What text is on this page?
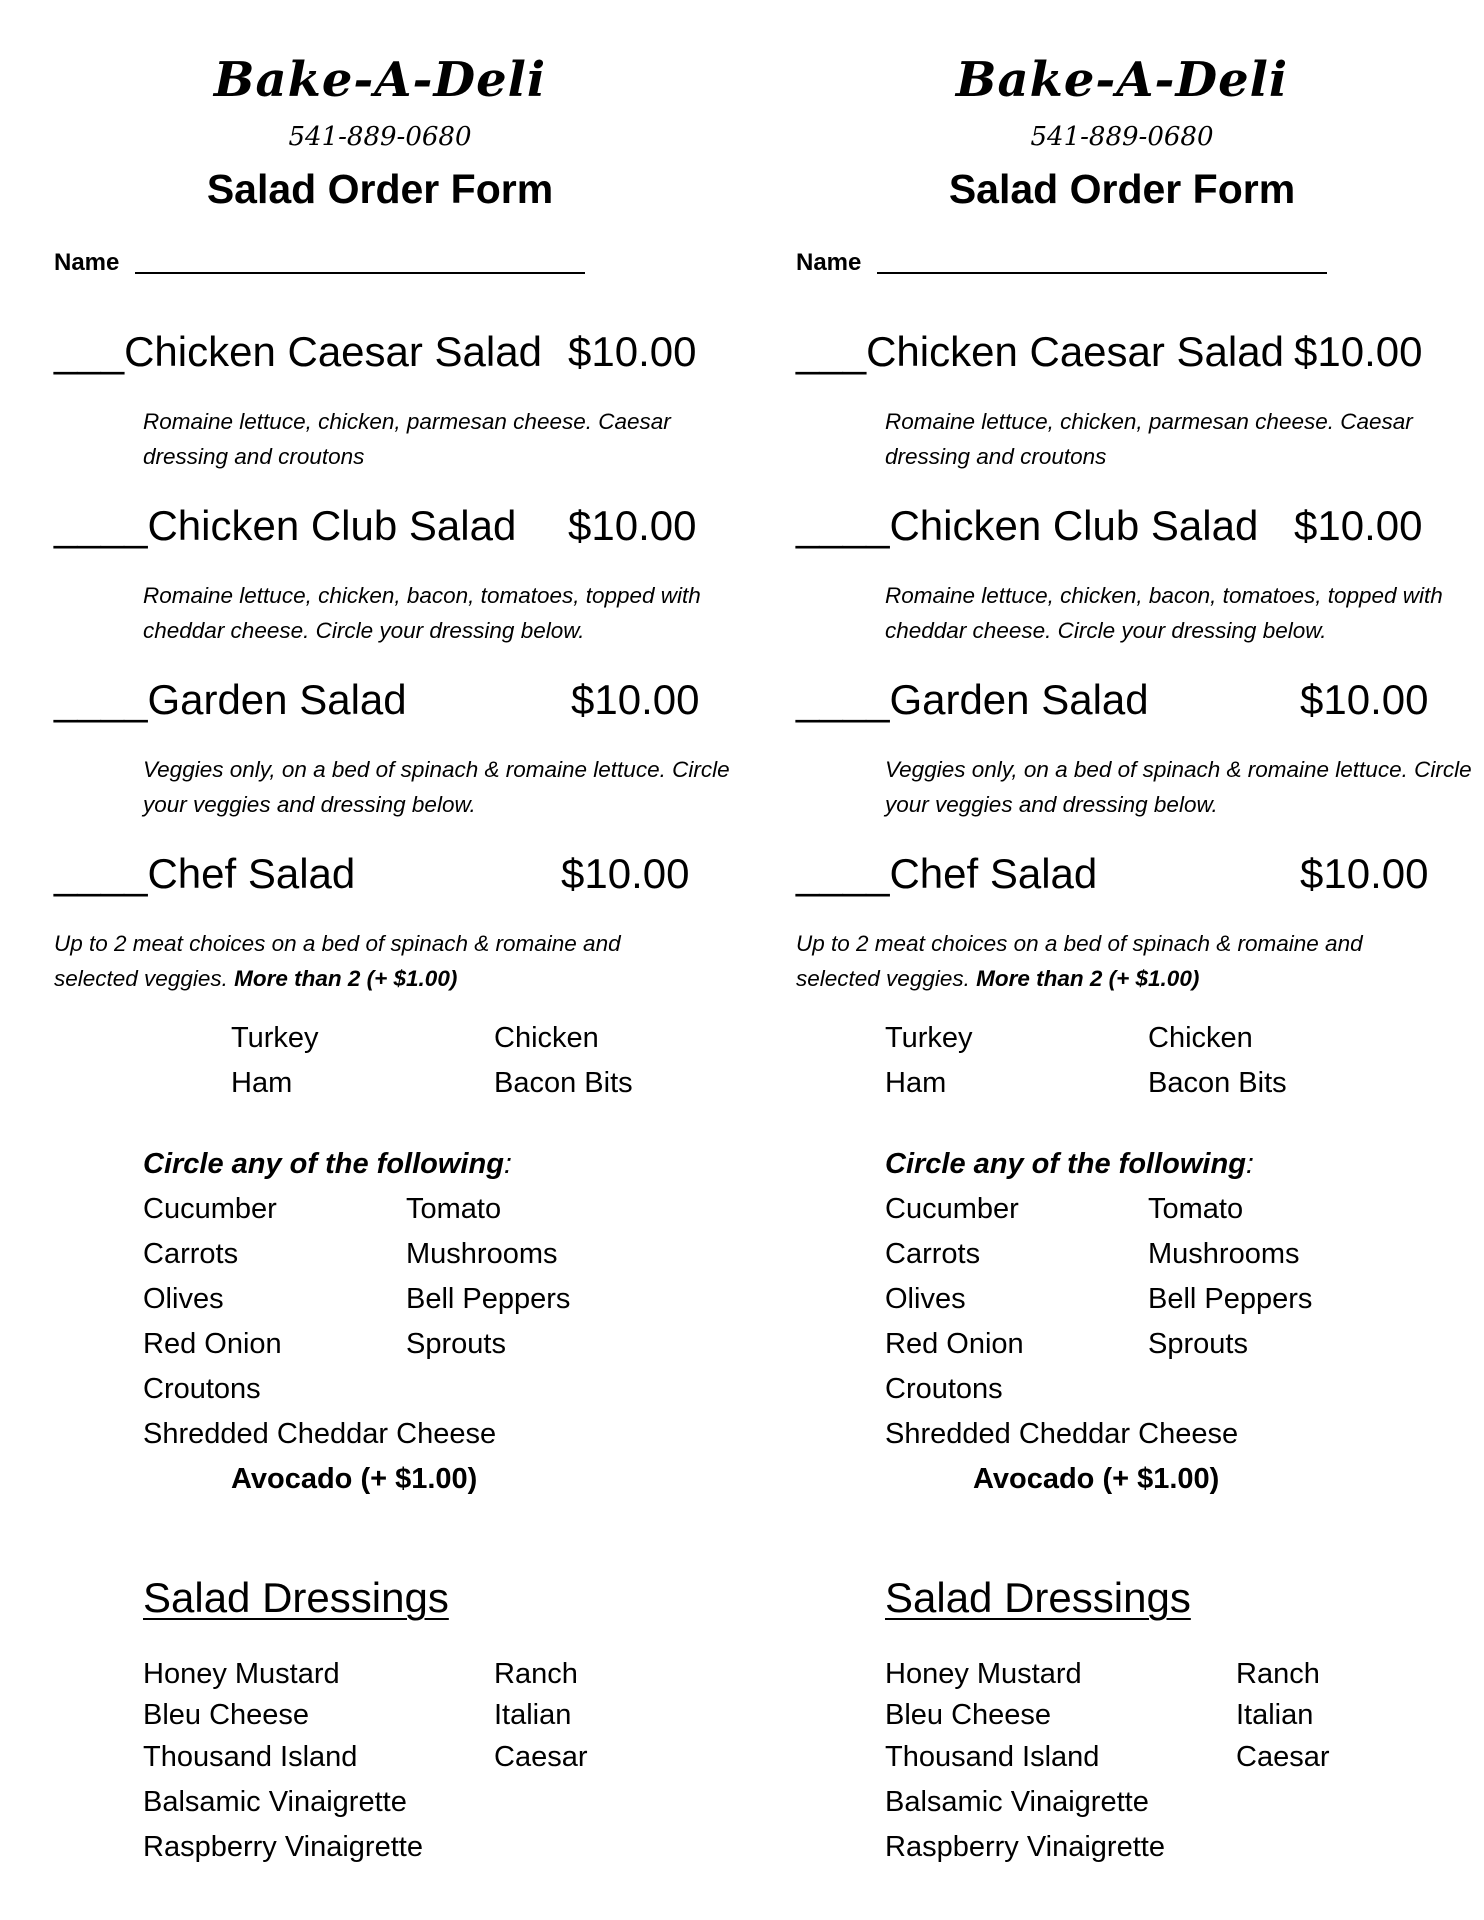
Bake-A-Deli
541-889-0680
Salad Order Form
Name
___Chicken Caesar Salad $10.00
Romaine lettuce, chicken, parmesan cheese. Caesar dressing and croutons
____Chicken Club Salad $10.00
Romaine lettuce, chicken, bacon, tomatoes, topped with cheddar cheese. Circle your dressing below.
____Garden Salad	$10.00
Veggies only, on a bed of spinach & romaine lettuce. Circle your veggies and dressing below.
____Chef Salad	$10.00
Up to 2 meat choices on a bed of spinach & romaine and selected veggies. More than 2 (+ $1.00)
Turkey	Chicken
Ham	Bacon Bits
Circle any of the following:
Cucumber	Tomato
Carrots	Mushrooms
Olives	Bell Peppers
Red Onion	Sprouts
Croutons
Shredded Cheddar Cheese
Avocado (+ $1.00)
Salad Dressings
Honey Mustard	Ranch
Bleu Cheese	Italian
Thousand Island	Caesar
Balsamic Vinaigrette
Raspberry Vinaigrette
Bake-A-Deli
541-889-0680
Salad Order Form
Name
___Chicken Caesar Salad $10.00
Romaine lettuce, chicken, parmesan cheese. Caesar dressing and croutons
____Chicken Club Salad $10.00
Romaine lettuce, chicken, bacon, tomatoes, topped with cheddar cheese. Circle your dressing below.
____Garden Salad	$10.00
Veggies only, on a bed of spinach & romaine lettuce. Circle your veggies and dressing below.
____Chef Salad	$10.00
Up to 2 meat choices on a bed of spinach & romaine and selected veggies. More than 2 (+ $1.00)
Turkey	Chicken
Ham	Bacon Bits
Circle any of the following:
Cucumber	Tomato
Carrots	Mushrooms
Olives	Bell Peppers
Red Onion	Sprouts
Croutons
Shredded Cheddar Cheese
Avocado (+ $1.00)
Salad Dressings
Honey Mustard	Ranch
Bleu Cheese	Italian
Thousand Island	Caesar
Balsamic Vinaigrette
Raspberry Vinaigrette
